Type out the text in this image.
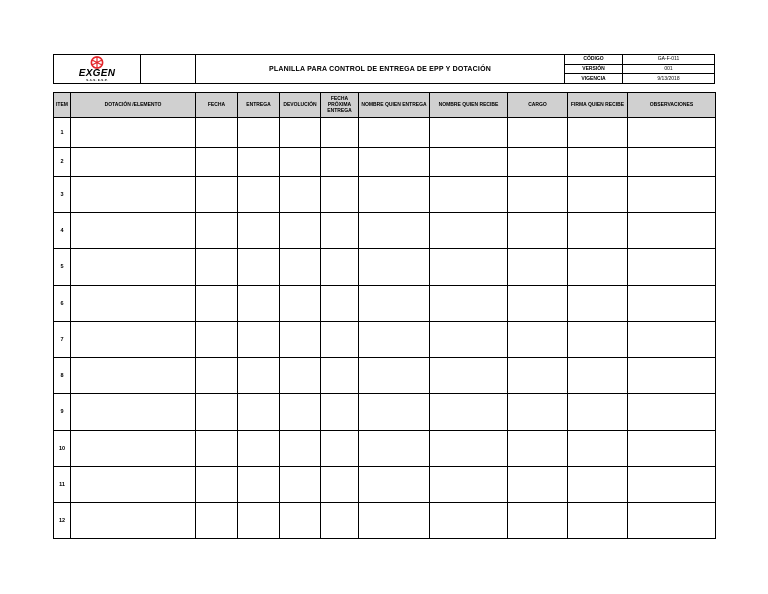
EXGEN
S.A.S. E.S.P.
PLANILLA PARA CONTROL DE ENTREGA DE EPP Y DOTACIÓN
CÓDIGO	GA-F-011
VERSIÓN	001
VIGENCIA	9/13/2018
ITEM	DOTACIÓN /ELEMENTO	FECHA	ENTREGA	DEVOLUCIÓN	FECHA PRÓXIMA ENTREGA	NOMBRE QUIEN ENTREGA	NOMBRE QUIEN RECIBE	CARGO	FIRMA QUIEN RECIBE	OBSERVACIONES
1										
2										
3										
4										
5										
6										
7										
8										
9										
10										
11										
12										
